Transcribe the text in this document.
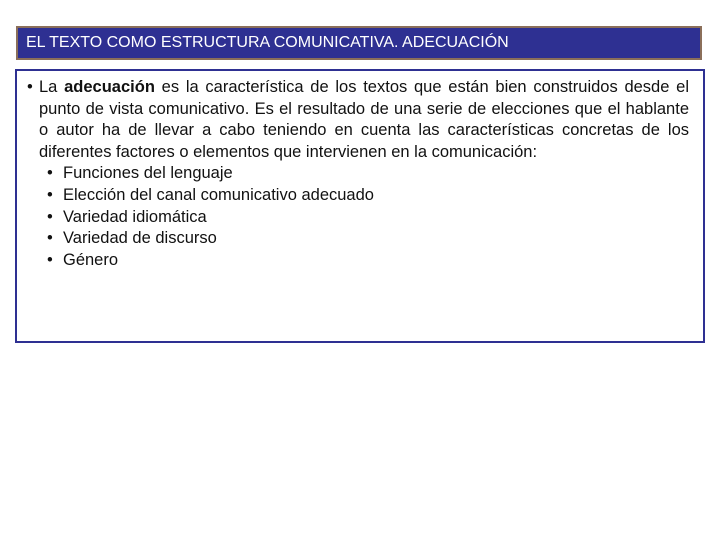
EL TEXTO COMO ESTRUCTURA COMUNICATIVA. ADECUACIÓN
• La adecuación es la característica de los textos que están bien construidos desde el punto de vista comunicativo. Es el resultado de una serie de elecciones que el hablante o autor ha de llevar a cabo teniendo en cuenta las características concretas de los diferentes factores o elementos que intervienen en la comunicación:
• Funciones del lenguaje
• Elección del canal comunicativo adecuado
• Variedad idiomática
• Variedad de discurso
• Género
